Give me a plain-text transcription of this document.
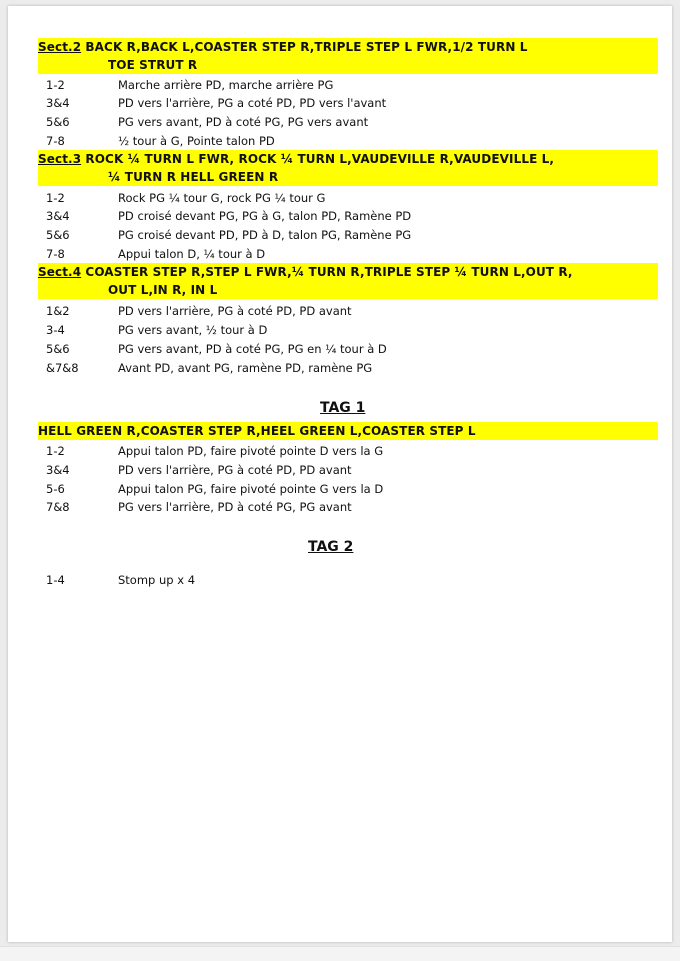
Sect.2 BACK R,BACK L,COASTER STEP R,TRIPLE STEP L FWR,1/2 TURN L
TOE STRUT R
1-2	Marche arrière PD, marche arrière PG
3&4	PD vers l'arrière, PG a coté PD, PD vers l'avant
5&6	PG vers avant, PD à coté PG, PG vers avant
7-8	½ tour à G, Pointe talon PD
Sect.3 ROCK ¼ TURN L FWR, ROCK ¼ TURN L,VAUDEVILLE R,VAUDEVILLE L,
¼ TURN R HELL GREEN R
1-2	Rock PG ¼ tour G, rock PG ¼ tour G
3&4	PD croisé devant PG, PG à G, talon PD, Ramène PD
5&6	PG croisé devant PD, PD à D, talon PG, Ramène PG
7-8	Appui talon D, ¼ tour à D
Sect.4 COASTER STEP R,STEP L FWR,¼ TURN R,TRIPLE STEP ¼ TURN L,OUT R,
OUT L,IN R, IN L
1&2	PD vers l'arrière, PG à coté PD, PD avant
3-4	PG vers avant, ½ tour à D
5&6	PG vers avant, PD à coté PG, PG en ¼ tour à D
&7&8	Avant PD, avant PG, ramène PD, ramène PG
TAG 1
HELL GREEN R,COASTER STEP R,HEEL GREEN L,COASTER STEP L
1-2	Appui talon PD, faire pivoté pointe D vers la G
3&4	PD vers l'arrière, PG à coté PD, PD avant
5-6	Appui talon PG, faire pivoté pointe G vers la D
7&8	PG vers l'arrière, PD à coté PG, PG avant
TAG 2
1-4	Stomp up x 4
